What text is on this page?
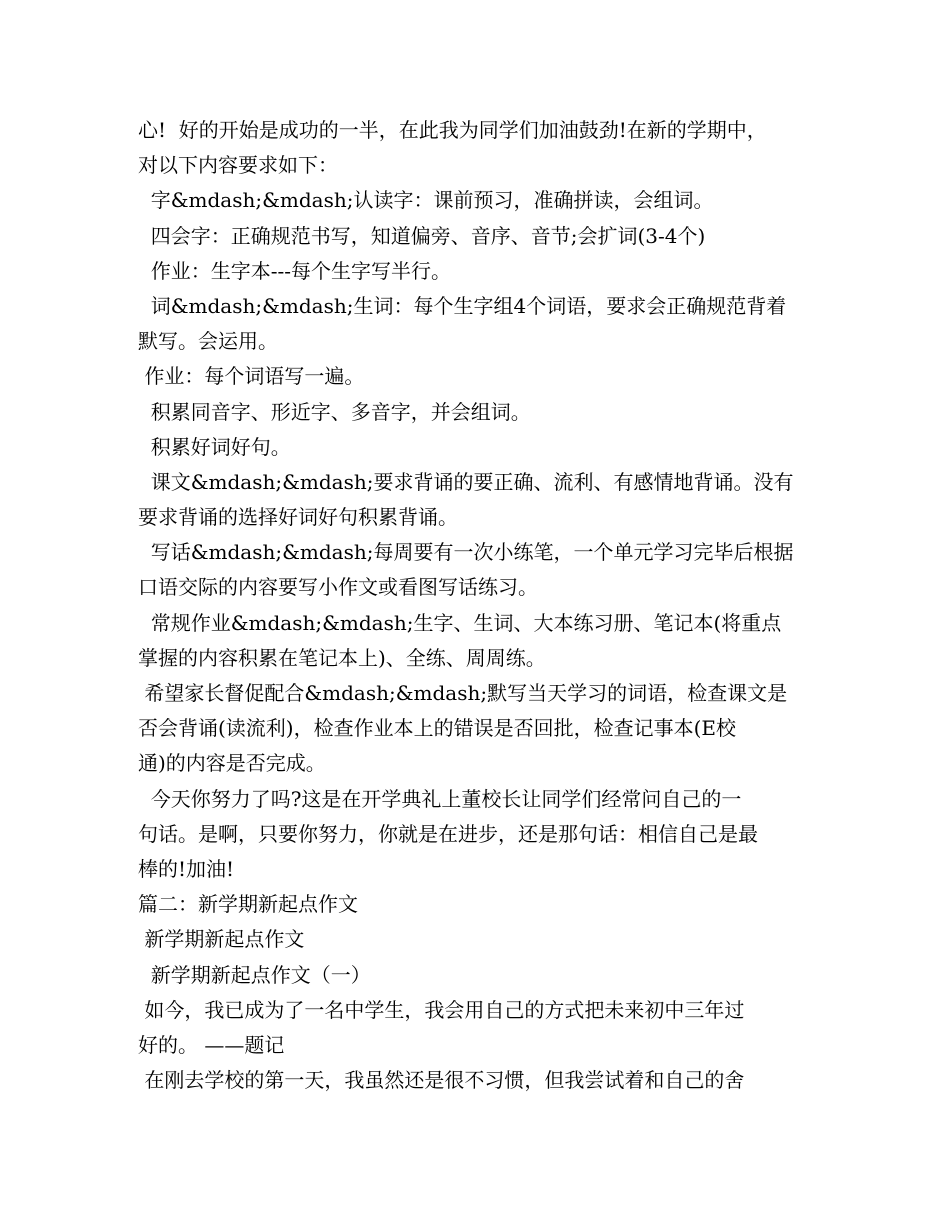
心!  好的开始是成功的一半，在此我为同学们加油鼓劲!在新的学期中，
对以下内容要求如下：
字&mdash;&mdash;认读字：课前预习，准确拼读，会组词。
四会字：正确规范书写，知道偏旁、音序、音节;会扩词(3-4个)
作业：生字本---每个生字写半行。
词&mdash;&mdash;生词：每个生字组4个词语，要求会正确规范背着
默写。会运用。
作业：每个词语写一遍。
积累同音字、形近字、多音字，并会组词。
积累好词好句。
课文&mdash;&mdash;要求背诵的要正确、流利、有感情地背诵。没有
要求背诵的选择好词好句积累背诵。
写话&mdash;&mdash;每周要有一次小练笔，一个单元学习完毕后根据
口语交际的内容要写小作文或看图写话练习。
常规作业&mdash;&mdash;生字、生词、大本练习册、笔记本(将重点
掌握的内容积累在笔记本上)、全练、周周练。
希望家长督促配合&mdash;&mdash;默写当天学习的词语，检查课文是
否会背诵(读流利)，检查作业本上的错误是否回批，检查记事本(E校
通)的内容是否完成。
今天你努力了吗?这是在开学典礼上董校长让同学们经常问自己的一
句话。是啊，只要你努力，你就是在进步，还是那句话：相信自己是最
棒的!加油!
篇二：新学期新起点作文
新学期新起点作文
新学期新起点作文（一）
如今，我已成为了一名中学生，我会用自己的方式把未来初中三年过
好的。 ——题记
在刚去学校的第一天，我虽然还是很不习惯，但我尝试着和自己的舍
